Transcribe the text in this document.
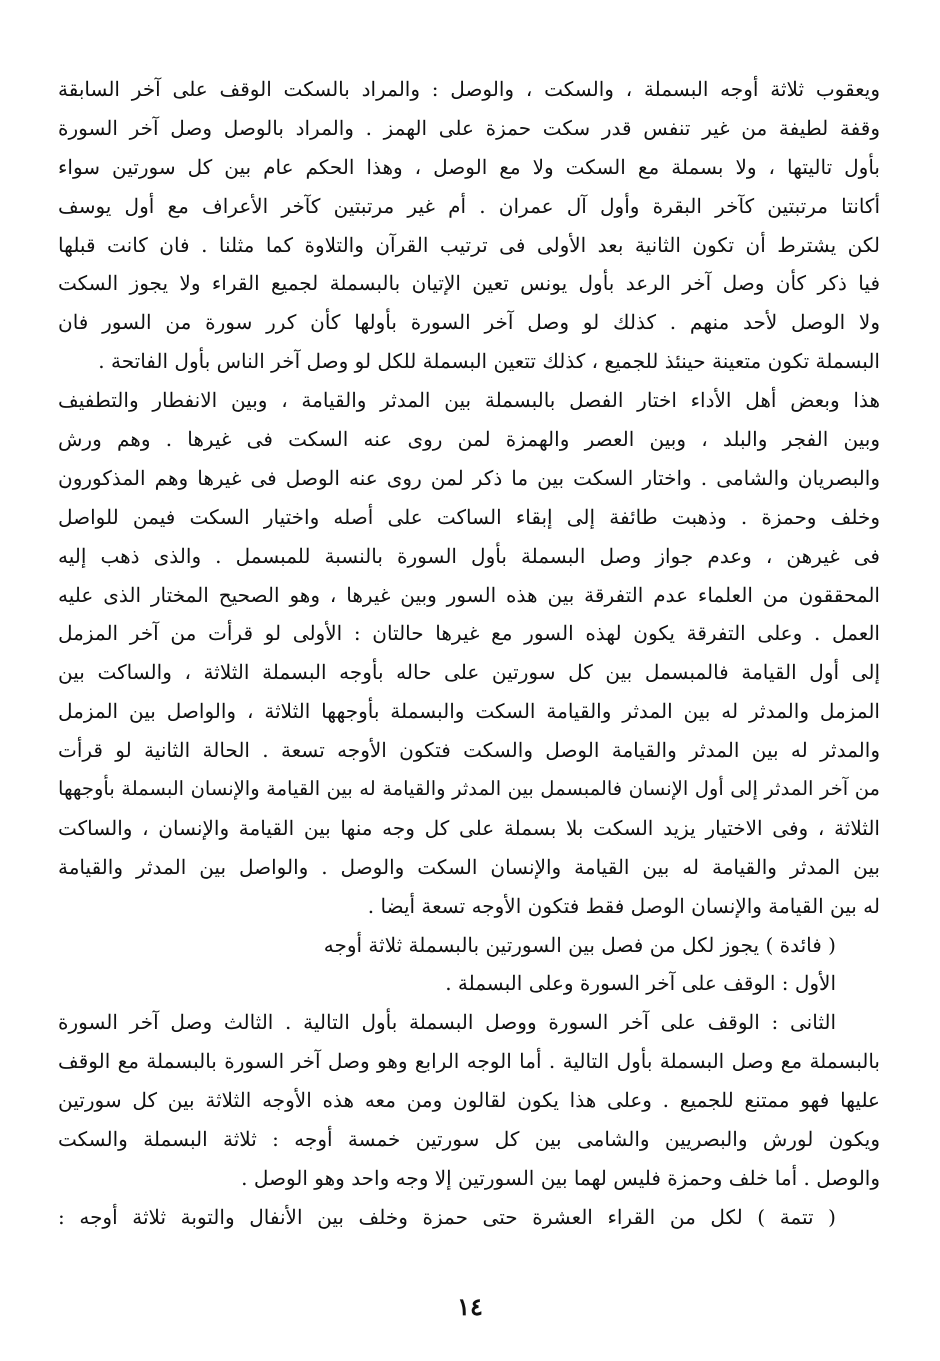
ويعقوب ثلاثة أوجه البسملة ، والسكت ، والوصل : والمراد بالسكت الوقف على آخر السابقة
وقفة لطيفة من غير تنفس قدر سكت حمزة على الهمز . والمراد بالوصل وصل آخر السورة
بأول تاليتها ، ولا بسملة مع السكت ولا مع الوصل ، وهذا الحكم عام بين كل سورتين سواء
أكانتا مرتبتين كآخر البقرة وأول آل عمران . أم غير مرتبتين كآخر الأعراف مع أول يوسف
لكن يشترط أن تكون الثانية بعد الأولى فى ترتيب القرآن والتلاوة كما مثلنا . فان كانت قبلها
فيا ذكر كأن وصل آخر الرعد بأول يونس تعين الإتيان بالبسملة لجميع القراء ولا يجوز السكت
ولا الوصل لأحد منهم . كذلك لو وصل آخر السورة بأولها كأن كرر سورة من السور فان
البسملة تكون متعينة حينئذ للجميع ، كذلك تتعين البسملة للكل لو وصل آخر الناس بأول الفاتحة .
هذا وبعض أهل الأداء اختار الفصل بالبسملة بين المدثر والقيامة ، وبين الانفطار والتطفيف
وبين الفجر والبلد ، وبين العصر والهمزة لمن روى عنه السكت فى غيرها . وهم ورش
والبصريان والشامى . واختار السكت بين ما ذكر لمن روى عنه الوصل فى غيرها وهم المذكورون
وخلف وحمزة . وذهبت طائفة إلى إبقاء الساكت على أصله واختيار السكت فيمن للواصل
فى غيرهن ، وعدم جواز وصل البسملة بأول السورة بالنسبة للمبسمل . والذى ذهب إليه
المحققون من العلماء عدم التفرقة بين هذه السور وبين غيرها ، وهو الصحيح المختار الذى عليه
العمل . وعلى التفرقة يكون لهذه السور مع غيرها حالتان : الأولى لو قرأت من آخر المزمل
إلى أول القيامة فالمبسمل بين كل سورتين على حاله بأوجه البسملة الثلاثة ، والساكت بين
المزمل والمدثر له بين المدثر والقيامة السكت والبسملة بأوجهها الثلاثة ، والواصل بين المزمل
والمدثر له بين المدثر والقيامة الوصل والسكت فتكون الأوجه تسعة . الحالة الثانية لو قرأت
من آخر المدثر إلى أول الإنسان فالمبسمل بين المدثر والقيامة له بين القيامة والإنسان البسملة بأوجهها
الثلاثة ، وفى الاختيار يزيد السكت بلا بسملة على كل وجه منها بين القيامة والإنسان ، والساكت
بين المدثر والقيامة له بين القيامة والإنسان السكت والوصل . والواصل بين المدثر والقيامة
له بين القيامة والإنسان الوصل فقط فتكون الأوجه تسعة أيضا .
( فائدة ) يجوز لكل من فصل بين السورتين بالبسملة ثلاثة أوجه
الأول : الوقف على آخر السورة وعلى البسملة .
الثانى : الوقف على آخر السورة ووصل البسملة بأول التالية . الثالث وصل آخر السورة
بالبسملة مع وصل البسملة بأول التالية . أما الوجه الرابع وهو وصل آخر السورة بالبسملة مع الوقف
عليها فهو ممتنع للجميع . وعلى هذا يكون لقالون ومن معه هذه الأوجه الثلاثة بين كل سورتين
ويكون لورش والبصريين والشامى بين كل سورتين خمسة أوجه : ثلاثة البسملة والسكت
والوصل . أما خلف وحمزة فليس لهما بين السورتين إلا وجه واحد وهو الوصل .
( تتمة ) لكل من القراء العشرة حتى حمزة وخلف بين الأنفال والتوبة ثلاثة أوجه :
١٤
